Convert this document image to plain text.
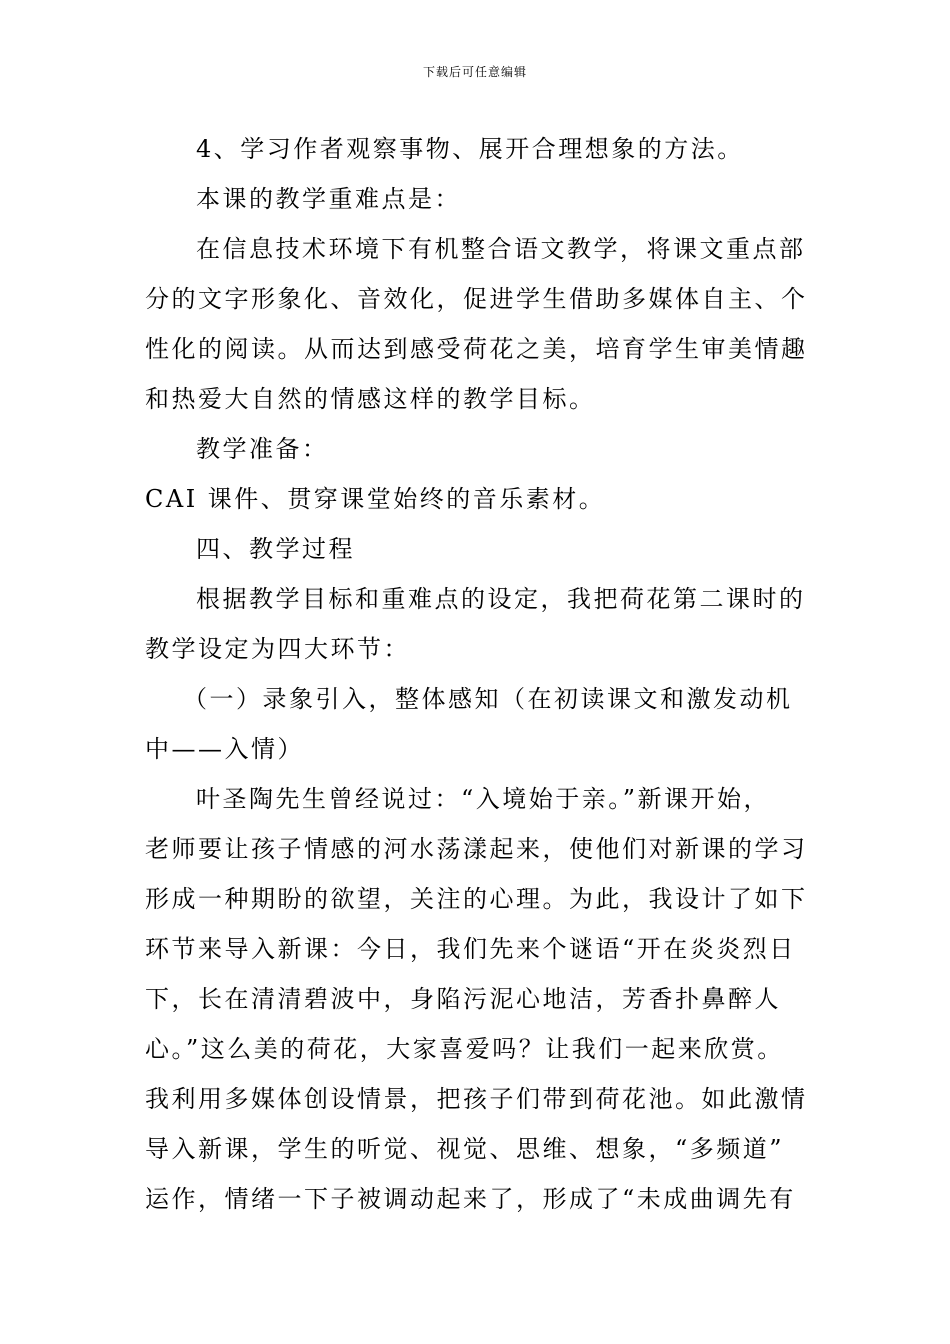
下载后可任意编辑

4、学习作者观察事物、展开合理想象的方法。

本课的教学重难点是：

在信息技术环境下有机整合语文教学，将课文重点部

分的文字形象化、音效化，促进学生借助多媒体自主、个

性化的阅读。从而达到感受荷花之美，培育学生审美情趣

和热爱大自然的情感这样的教学目标。

教学准备：

CAI 课件、贯穿课堂始终的音乐素材。

四、教学过程

根据教学目标和重难点的设定，我把荷花第二课时的

教学设定为四大环节：

（一）录象引入，整体感知（在初读课文和激发动机

中——入情）

叶圣陶先生曾经说过：“入境始于亲。”新课开始，

老师要让孩子情感的河水荡漾起来，使他们对新课的学习

形成一种期盼的欲望，关注的心理。为此，我设计了如下

环节来导入新课：今日，我们先来个谜语“开在炎炎烈日

下，长在清清碧波中，身陷污泥心地洁，芳香扑鼻醉人

心。”这么美的荷花，大家喜爱吗？让我们一起来欣赏。

我利用多媒体创设情景，把孩子们带到荷花池。如此激情

导入新课，学生的听觉、视觉、思维、想象，“多频道”

运作，情绪一下子被调动起来了，形成了“未成曲调先有
